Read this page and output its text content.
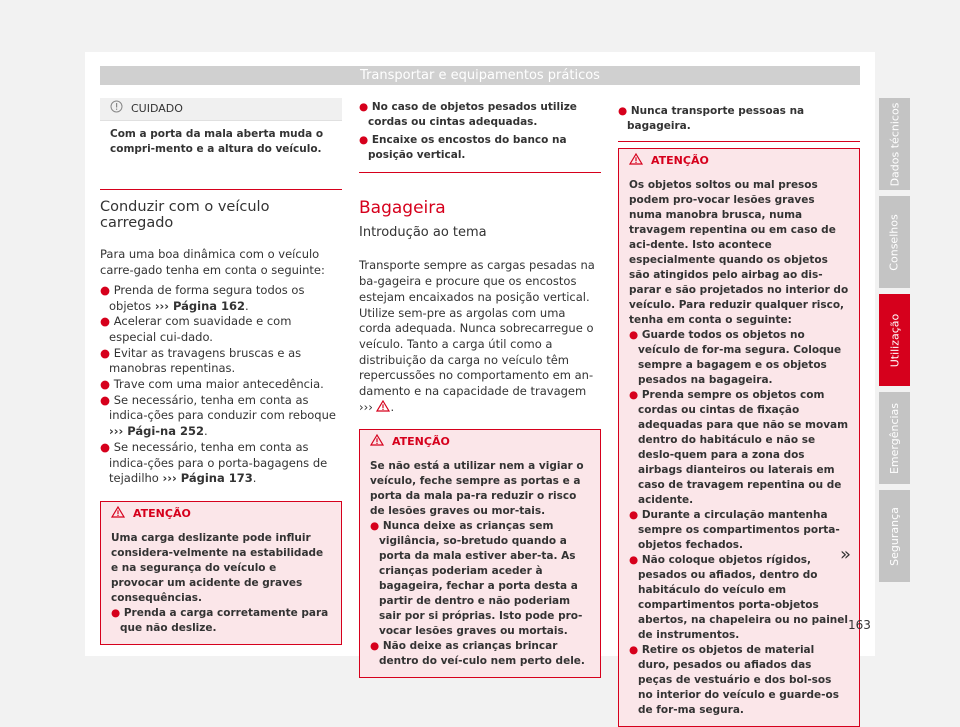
Transportar e equipamentos práticos
CUIDADO
Com a porta da mala aberta muda o compri-mento e a altura do veículo.
Conduzir com o veículo carregado

Para uma boa dinâmica com o veículo carre-gado tenha em conta o seguinte:

● Prenda de forma segura todos os objetos ››› Página 162.
● Acelerar com suavidade e com especial cui-dado.
● Evitar as travagens bruscas e as manobras repentinas.
● Trave com uma maior antecedência.
● Se necessário, tenha em conta as indica-ções para conduzir com reboque ››› Pági-na 252.
● Se necessário, tenha em conta as indica-ções para o porta-bagagens de tejadilho ››› Página 173.
ATENÇÃO

Uma carga deslizante pode influir considera-velmente na estabilidade e na segurança do veículo e provocar um acidente de graves consequências.

● Prenda a carga corretamente para que não deslize.
● No caso de objetos pesados utilize cordas ou cintas adequadas.
● Encaixe os encostos do banco na posição vertical.
Bagageira
Introdução ao tema

Transporte sempre as cargas pesadas na ba-gageira e procure que os encostos estejam encaixados na posição vertical. Utilize sem-pre as argolas com uma corda adequada. Nunca sobrecarregue o veículo. Tanto a carga útil como a distribuição da carga no veículo têm repercussões no comportamento em an-damento e na capacidade de travagem ››› .

ATENÇÃO

Se não está a utilizar nem a vigiar o veículo, feche sempre as portas e a porta da mala pa-ra reduzir o risco de lesões graves ou mor-tais.

● Nunca deixe as crianças sem vigilância, so-bretudo quando a porta da mala estiver aber-ta. As crianças poderiam aceder à bagageira, fechar a porta desta a partir de dentro e não poderiam sair por si próprias. Isto pode pro-vocar lesões graves ou mortais.
● Não deixe as crianças brincar dentro do veí-culo nem perto dele.
● Nunca transporte pessoas na bagageira.
ATENÇÃO

Os objetos soltos ou mal presos podem pro-vocar lesões graves numa manobra brusca, numa travagem repentina ou em caso de aci-dente. Isto acontece especialmente quando os objetos são atingidos pelo airbag ao dis-parar e são projetados no interior do veículo. Para reduzir qualquer risco, tenha em conta o seguinte:

● Guarde todos os objetos no veículo de for-ma segura. Coloque sempre a bagagem e os objetos pesados na bagageira.
● Prenda sempre os objetos com cordas ou cintas de fixação adequadas para que não se movam dentro do habitáculo e não se deslo-quem para a zona dos airbags dianteiros ou laterais em caso de travagem repentina ou de acidente.
● Durante a circulação mantenha sempre os compartimentos porta-objetos fechados.
● Não coloque objetos rígidos, pesados ou afiados, dentro do habitáculo do veículo em compartimentos porta-objetos abertos, na chapeleira ou no painel de instrumentos.
● Retire os objetos de material duro, pesados ou afiados das peças de vestuário e dos bol-sos no interior do veículo e guarde-os de for-ma segura.
»
Dados técnicos
Conselhos
Utilização
Emergências
Segurança
163
